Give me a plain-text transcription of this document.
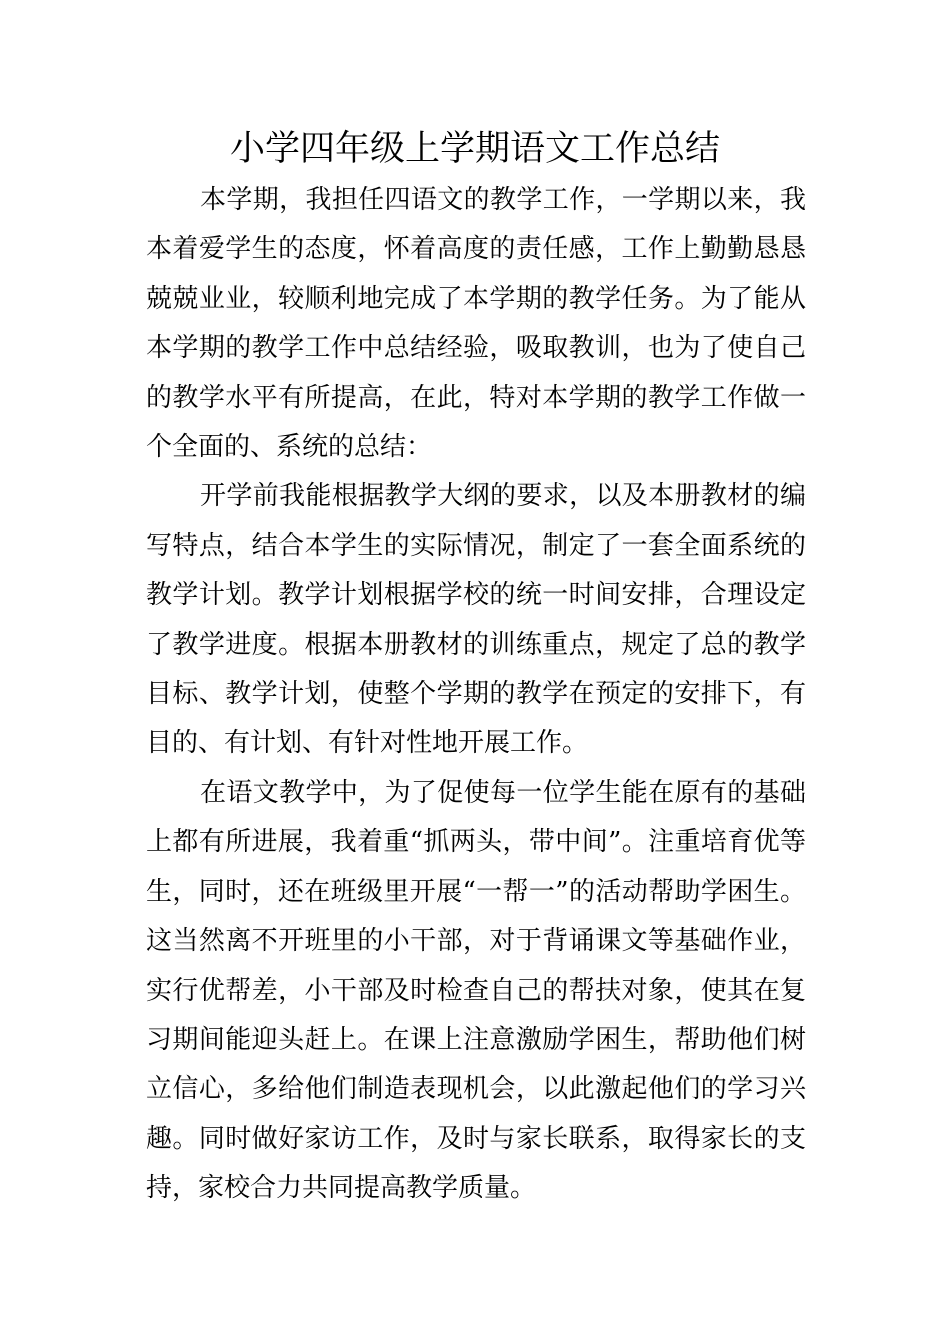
小学四年级上学期语文工作总结

本学期，我担任四语文的教学工作，一学期以来，我本着爱学生的态度，怀着高度的责任感，工作上勤勤恳恳兢兢业业，较顺利地完成了本学期的教学任务。为了能从本学期的教学工作中总结经验，吸取教训，也为了使自己的教学水平有所提高，在此，特对本学期的教学工作做一个全面的、系统的总结：

开学前我能根据教学大纲的要求，以及本册教材的编写特点，结合本学生的实际情况，制定了一套全面系统的教学计划。教学计划根据学校的统一时间安排，合理设定了教学进度。根据本册教材的训练重点，规定了总的教学目标、教学计划，使整个学期的教学在预定的安排下，有目的、有计划、有针对性地开展工作。

在语文教学中，为了促使每一位学生能在原有的基础上都有所进展，我着重“抓两头，带中间”。注重培育优等生，同时，还在班级里开展“一帮一”的活动帮助学困生。这当然离不开班里的小干部，对于背诵课文等基础作业，实行优帮差，小干部及时检查自己的帮扶对象，使其在复习期间能迎头赶上。在课上注意激励学困生，帮助他们树立信心，多给他们制造表现机会，以此激起他们的学习兴趣。同时做好家访工作，及时与家长联系，取得家长的支持，家校合力共同提高教学质量。
